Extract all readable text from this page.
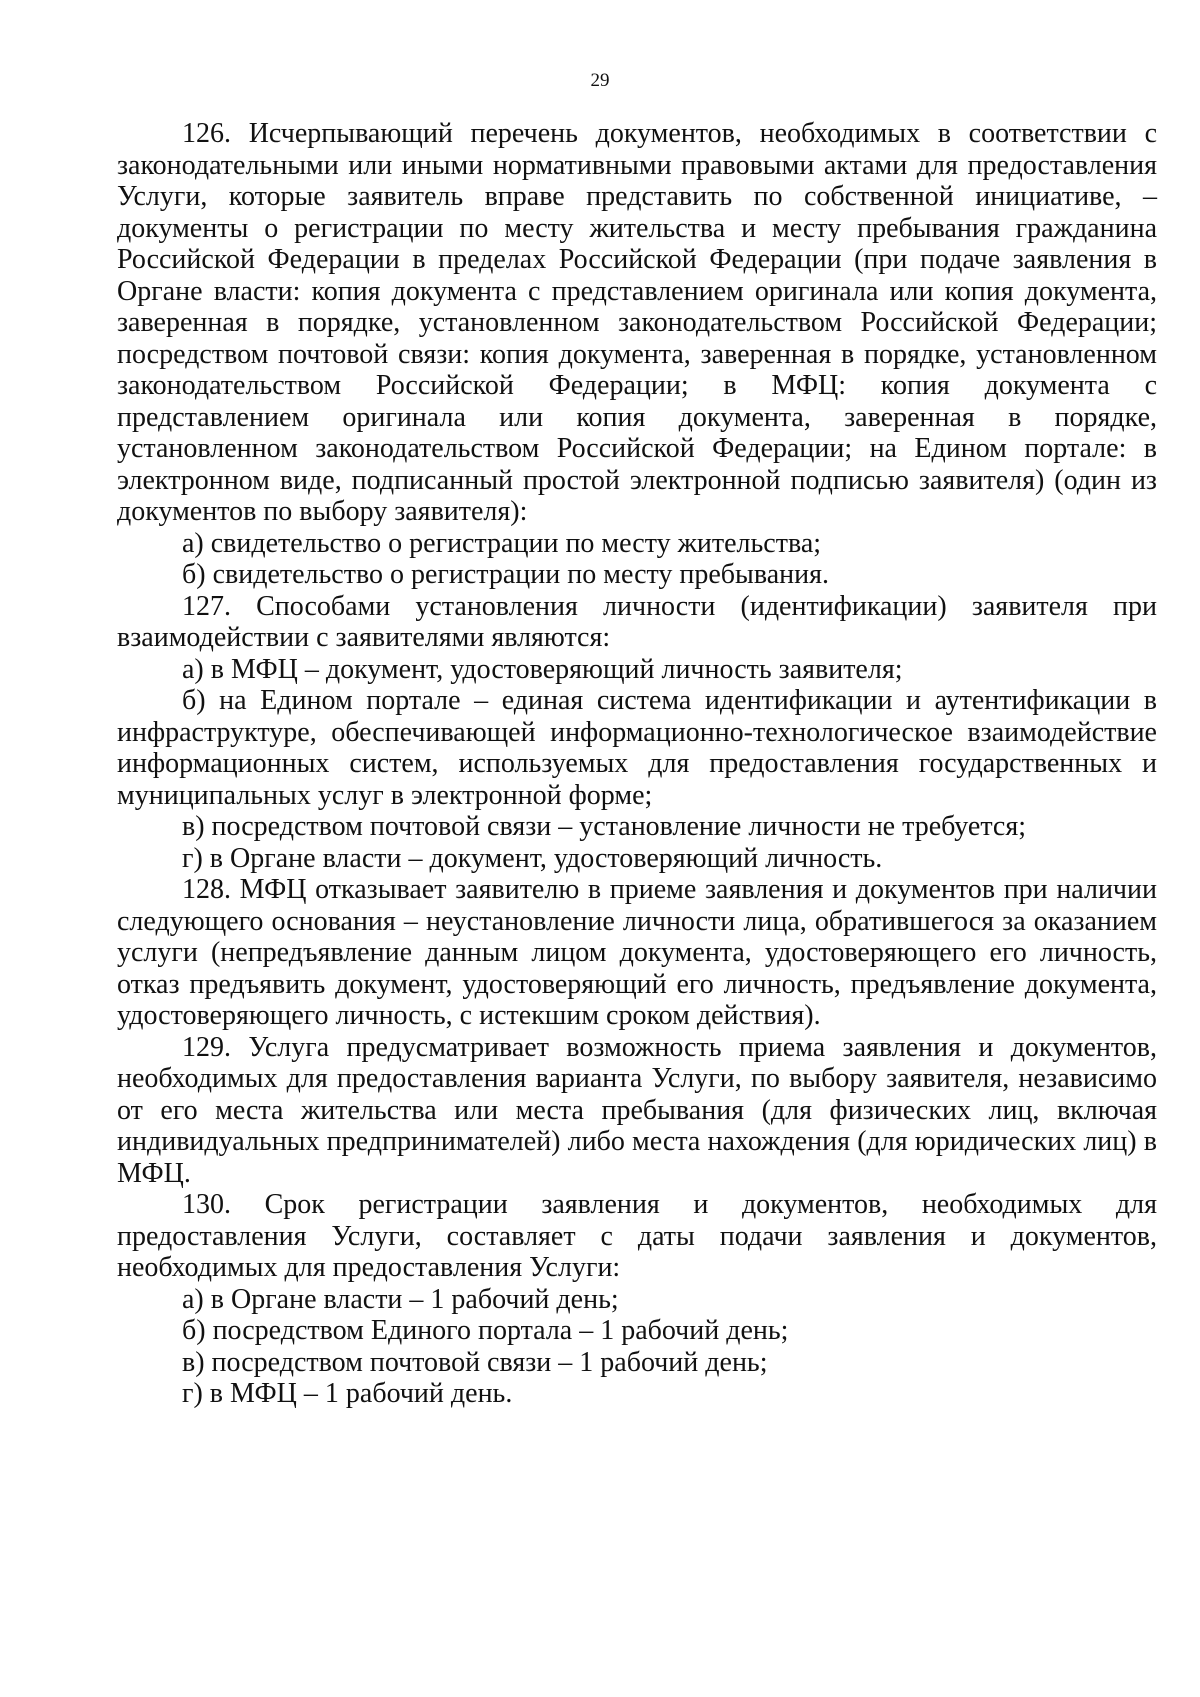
29

126. Исчерпывающий перечень документов, необходимых в соответствии с законодательными или иными нормативными правовыми актами для предоставления Услуги, которые заявитель вправе представить по собственной инициативе, – документы о регистрации по месту жительства и месту пребывания гражданина Российской Федерации в пределах Российской Федерации (при подаче заявления в Органе власти: копия документа с представлением оригинала или копия документа, заверенная в порядке, установленном законодательством Российской Федерации; посредством почтовой связи: копия документа, заверенная в порядке, установленном законодательством Российской Федерации; в МФЦ: копия документа с представлением оригинала или копия документа, заверенная в порядке, установленном законодательством Российской Федерации; на Едином портале: в электронном виде, подписанный простой электронной подписью заявителя) (один из документов по выбору заявителя):

а) свидетельство о регистрации по месту жительства;

б) свидетельство о регистрации по месту пребывания.

127. Способами установления личности (идентификации) заявителя при взаимодействии с заявителями являются:

а) в МФЦ – документ, удостоверяющий личность заявителя;

б) на Едином портале – единая система идентификации и аутентификации в инфраструктуре, обеспечивающей информационно-технологическое взаимодействие информационных систем, используемых для предоставления государственных и муниципальных услуг в электронной форме;

в) посредством почтовой связи – установление личности не требуется;

г) в Органе власти – документ, удостоверяющий личность.

128. МФЦ отказывает заявителю в приеме заявления и документов при наличии следующего основания – неустановление личности лица, обратившегося за оказанием услуги (непредъявление данным лицом документа, удостоверяющего его личность, отказ предъявить документ, удостоверяющий его личность, предъявление документа, удостоверяющего личность, с истекшим сроком действия).

129. Услуга предусматривает возможность приема заявления и документов, необходимых для предоставления варианта Услуги, по выбору заявителя, независимо от его места жительства или места пребывания (для физических лиц, включая индивидуальных предпринимателей) либо места нахождения (для юридических лиц) в МФЦ.

130. Срок регистрации заявления и документов, необходимых для предоставления Услуги, составляет с даты подачи заявления и документов, необходимых для предоставления Услуги:

а) в Органе власти – 1 рабочий день;

б) посредством Единого портала – 1 рабочий день;

в) посредством почтовой связи – 1 рабочий день;

г) в МФЦ – 1 рабочий день.
